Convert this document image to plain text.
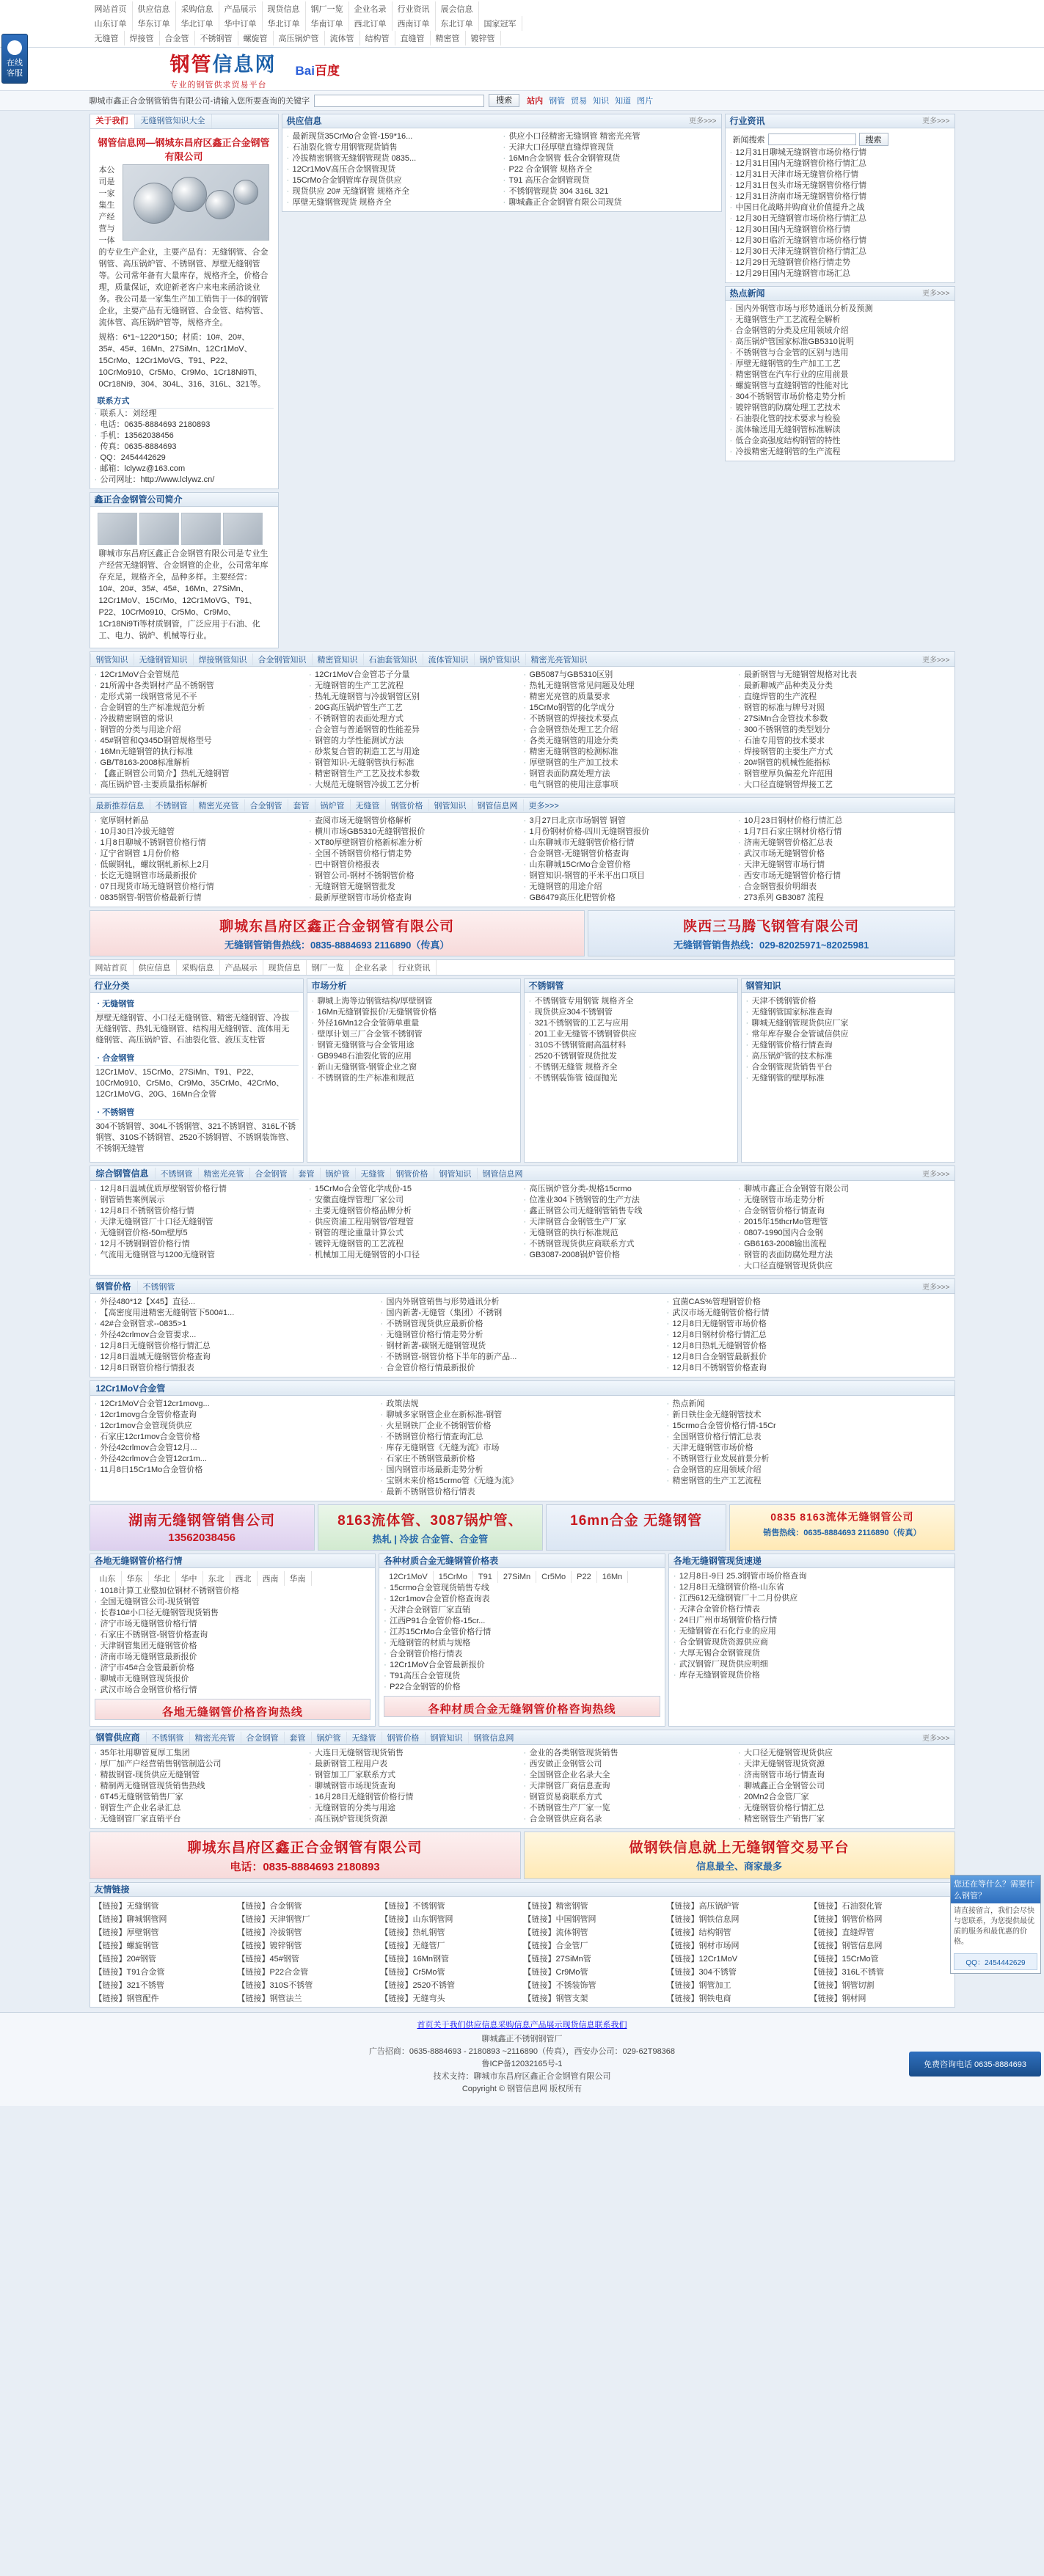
网站首页	供应信息	采购信息	产品展示	现货信息	钢厂一览	企业名录	行业资讯	展会信息
山东订单	华东订单	华北订单	华中订单	华北订单	华南订单	西北订单	西南订单	东北订单	国家冠军
无缝管	焊接管	合金管	不锈钢管	螺旋管	高压锅炉管	流体管	结构管	直缝管	精密管	镀锌管
钢管信息网
专业的钢管供求贸易平台
Bai百度
聊城市鑫正合金钢管销售有限公司-请输入您所要查询的关键字	搜索	站内 钢管 贸易 知识 知道 图片
关于我们	无缝钢管知识大全
钢管信息网—钢城东昌府区鑫正合金钢管有限公司
本公司是一家集生产经营与一体的专业生产企业，主要产品有：无缝钢管、合金钢管、高压锅炉管、不锈钢管、厚壁无缝钢管等。公司常年备有大量库存，规格齐全，价格合理，质量保证，欢迎新老客户来电来函洽谈业务。我公司是一家集生产加工销售于一体的钢管企业，主要产品有无缝钢管、合金管、结构管、流体管、高压锅炉管等，规格齐全。
规格：6*1~1220*150；材质：10#、20#、35#、45#、16Mn、27SiMn、12Cr1MoV、15CrMo、12Cr1MoVG、T91、P22、10CrMo910、Cr5Mo、Cr9Mo、1Cr18Ni9Ti、0Cr18Ni9、304、304L、316、316L、321等。
联系方式
· 联系人：刘经理
· 电话：0635-8884693 2180893
· 手机：13562038456
· 传真：0635-8884693
· QQ：2454442629
· 邮箱：lclywz@163.com
· 公司网址：http://www.lclywz.cn/
鑫正合金钢管公司简介
聊城市东昌府区鑫正合金钢管有限公司是专业生产经营无缝钢管、合金钢管的企业，公司常年库存充足，规格齐全，品种多样。主要经营：10#、20#、35#、45#、16Mn、27SiMn、12Cr1MoV、15CrMo、12Cr1MoVG、T91、P22、10CrMo910、Cr5Mo、Cr9Mo、1Cr18Ni9Ti等材质钢管，广泛应用于石油、化工、电力、锅炉、机械等行业。
供应信息	更多>>>
· 最新现货35CrMo合金管-159*16...
· 石油裂化管专用钢管现货销售
· 冷拔精密钢管无缝钢管现货 0835...
· 12Cr1MoV高压合金钢管现货
· 15CrMo合金钢管库存现货供应
· 现货供应 20# 无缝钢管 规格齐全
· 厚壁无缝钢管现货 规格齐全
· 供应小口径精密无缝钢管 精密光亮管
· 天津大口径厚壁直缝焊管现货
· 16Mn合金钢管 低合金钢管现货
· P22 合金钢管 规格齐全
· T91 高压合金钢管现货
· 不锈钢管现货 304 316L 321
· 聊城鑫正合金钢管有限公司现货
行业资讯	更多>>>
新闻搜索	搜索
· 12月31日聊城无缝钢管市场价格行情
· 12月31日国内无缝钢管价格行情汇总
· 12月31日天津市场无缝管价格行情
· 12月31日包头市场无缝钢管价格行情
· 12月31日济南市场无缝钢管价格行情
· 中国日化战略并购商业价值提升之战
· 12月30日无缝钢管市场价格行情汇总
· 12月30日国内无缝钢管价格行情
· 12月30日临沂无缝钢管市场价格行情
· 12月30日天津无缝钢管价格行情汇总
· 12月29日无缝钢管价格行情走势
· 12月29日国内无缝钢管市场汇总
热点新闻	更多>>>
· 国内外钢管市场与形势通讯分析及预测
· 无缝钢管生产工艺流程全解析
· 合金钢管的分类及应用领域介绍
· 高压锅炉管国家标准GB5310说明
· 不锈钢管与合金管的区别与选用
· 厚壁无缝钢管的生产加工工艺
· 精密钢管在汽车行业的应用前景
· 螺旋钢管与直缝钢管的性能对比
· 304不锈钢管市场价格走势分析
· 镀锌钢管的防腐处理工艺技术
· 石油裂化管的技术要求与检验
· 流体输送用无缝钢管标准解读
· 低合金高强度结构钢管的特性
· 冷拔精密无缝钢管的生产流程
钢管知识	无缝钢管知识	焊接钢管知识	合金钢管知识	精密管知识	石油套管知识	流体管知识	锅炉管知识	精密光亮管知识	更多>>>
· 12Cr1MoV合金管规范
· 21所需中各类钢材产品不锈钢管
· 走形式第一线钢管常见不平
· 合金钢管的生产标准规范分析
· 冷拔精密钢管的常识
· 钢管的分类与用途介绍
· 45#钢管和Q345D钢管规格型号
· 16Mn无缝钢管的执行标准
· GB/T8163-2008标准解析
· 【鑫正钢管公司简介】热轧无缝钢管
· 高压锅炉管-主要质量指标解析
· 12Cr1MoV合金管芯子分量
· 无缝钢管的生产工艺流程
· 热轧无缝钢管与冷拔钢管区别
· 20G高压锅炉管生产工艺
· 不锈钢管的表面处理方式
· 合金管与普通钢管的性能差异
· 钢管的力学性能测试方法
· 砂浆复合管的制造工艺与用途
· 钢管知识-无缝钢管执行标准
· 精密钢管生产工艺及技术参数
· 大规范无缝钢管冷拔工艺分析
· GB5087与GB5310区别
· 热轧无缝钢管常见问题及处理
· 精密光亮管的质量要求
· 15CrMo钢管的化学成分
· 不锈钢管的焊接技术要点
· 合金钢管热处理工艺介绍
· 各类无缝钢管的用途分类
· 精密无缝钢管的检测标准
· 厚壁钢管的生产加工技术
· 钢管表面防腐处理方法
· 电气钢管的使用注意事项
· 最新钢管与无缝钢管规格对比表
· 最新聊城产品种类及分类
· 直缝焊管的生产流程
· 钢管的标准与牌号对照
· 27SiMn合金管技术参数
· 300不锈钢管的类型划分
· 石油专用管的技术要求
· 焊接钢管的主要生产方式
· 20#钢管的机械性能指标
· 钢管壁厚负偏差允许范围
· 大口径直缝钢管焊接工艺
最新推荐信息	不锈钢管	精密光亮管	合金钢管	套管	锅炉管	无缝管	钢管价格	钢管知识	钢管信息网	更多>>>
· 宽厚钢材新品
· 10月30日冷拔无缝管
· 1月8日聊城不锈钢管价格行情
· 辽宁省钢管 1月份价格
· 低碳钢轧，螺纹钢轧新标上2月
· 长讫无缝钢管市场最新报价
· 07日现货市场无缝钢管价格行情
· 0835钢管-钢管价格最新行情
· 查阅市场无缝钢管价格解析
· 横川市场GB5310无缝钢管报价
· XT80厚壁钢管价格新标准分析
· 全国不锈钢管价格行情走势
· 巴中钢管价格报表
· 钢管公司-钢材不锈钢管价格
· 无缝钢管无缝钢管批发
· 最新厚壁钢管市场价格查询
· 3月27日北京市场钢管 钢管
· 1月份钢材价格-四川无缝钢管报价
· 山东聊城市无缝钢管价格行情
· 合金钢管-无缝钢管价格查询
· 山东聊城15CrMo合金管价格
· 钢管知识-钢管的平米平出口项目
· 无缝钢管的用途介绍
· GB6479高压化肥管价格
· 10月23日钢材价格行情汇总
· 1月7日石家庄钢材价格行情
· 济南无缝钢管价格汇总表
· 武汉市场无缝钢管价格
· 天津无缝钢管市场行情
· 西安市场无缝钢管价格行情
· 合金钢管报价明细表
· 273系列 GB3087 流程
聊城东昌府区鑫正合金钢管有限公司
无缝钢管销售热线：0835-8884693 2116890（传真）
陕西三马腾飞钢管有限公司
无缝钢管销售热线：029-82025971~82025981
网站首页	供应信息	采购信息	产品展示	现货信息	钢厂一览	企业名录	行业资讯
行业分类
· 无缝钢管
厚壁无缝钢管、小口径无缝钢管、精密无缝钢管、冷拔无缝钢管、热轧无缝钢管、结构用无缝钢管、流体用无缝钢管、高压锅炉管、石油裂化管、液压支柱管
· 合金钢管
12Cr1MoV、15CrMo、27SiMn、T91、P22、10CrMo910、Cr5Mo、Cr9Mo、35CrMo、42CrMo、12Cr1MoVG、20G、16Mn合金管
· 不锈钢管
304不锈钢管、304L不锈钢管、321不锈钢管、316L不锈钢管、310S不锈钢管、2520不锈钢管、不锈钢装饰管、不锈钢无缝管
市场分析
· 聊城上海等边钢管结构/厚壁钢管
· 16Mn无缝钢管报价/无缝钢管价格
· 外径16Mn12合金管筛单重量
· 壁厚计划三厂合金管不锈钢管
· 钢管无缝钢管与合金管用途
· GB9948石油裂化管的应用
· 新山无缝钢管-钢管企业之窗
· 不锈钢管的生产标准和规范
不锈钢管
· 不锈钢管专用钢管 规格齐全
· 现货供应304不锈钢管
· 321不锈钢管的工艺与应用
· 201工业无缝管不锈钢管供应
· 310S不锈钢管耐高温材料
· 2520不锈钢管现货批发
· 不锈钢无缝管 规格齐全
· 不锈钢装饰管 镜面抛光
钢管知识
· 天津不锈钢管价格
· 无缝钢管国家标准查询
· 聊城无缝钢管现货供应厂家
· 常年库存聚合金管诚信供应
· 无缝钢管价格行情查询
· 高压锅炉管的技术标准
· 合金钢管现货销售平台
· 无缝钢管的壁厚标准
综合钢管信息	不锈钢管	精密光亮管	合金钢管	套管	锅炉管	无缝管	钢管价格	钢管知识	钢管信息网	更多>>>
· 12月8日温城优质厚壁钢管价格行情
· 钢管销售案例展示
· 12月8日不锈钢管价格行情
· 天津无缝钢管厂十口径无缝钢管
· 无缝钢管价格-50m壁厚5
· 12月不锈钢钢管价格行情
· 气流用无缝钢管与1200无缝钢管
· 15CrMo合金管化学成份-15
· 安徽直缝焊管理厂家公司
· 主要无缝钢管价格品牌分析
· 供应资浦工程用钢管/管理管
· 钢管的理论重量计算公式
· 镀锌无缝钢管的工艺流程
· 机械加工用无缝钢管的小口径
· 高压锅炉管分类-规格15crmo
· 位准业304下锈钢管的生产方法
· 鑫正钢管公司无缝钢管销售专线
· 天津钢管合金钢管生产厂家
· 无缝钢管的执行标准规范
· 不锈钢管现货供应商联系方式
· GB3087-2008锅炉管价格
· 聊城市鑫正合金钢管有限公司
· 无缝钢管市场走势分析
· 合金钢管价格行情查询
· 2015年15thcrMo管理管
· 0807-1990国内合金钢
· GB6163-2008输出流程
· 钢管的表面防腐处理方法
· 大口径直缝钢管现货供应
钢管价格	不锈钢管	更多>>>
· 外径480*12【X45】直径...
· 【高密度用进精密无缝钢管下500#1...
· 42#合金钢管求--0835>1
· 外径42crlmov合金管要求...
· 12月8日无缝钢管价格行情汇总
· 12月8日温城无缝钢管价格查询
· 12月8日钢管价格行情报表
· 国内外钢管销售与形势通讯分析
· 国内新著-无缝管（集团）不锈钢
· 不锈钢管现货供应最新价格
· 无缝钢管价格行情走势分析
· 钢材新著-碳钢无缝钢管现货
· 不锈钢管-钢管价格下半年的新产品...
· 合金管价格行情最新报价
· 宜菌CAS%管理钢管价格
· 武汉市场无缝钢管价格行情
· 12月8日无缝钢管市场价格
· 12月8日钢材价格行情汇总
· 12月8日热轧无缝钢管价格
· 12月8日合金钢管最新报价
· 12月8日不锈钢管价格查询
12Cr1MoV合金管
· 12Cr1MoV合金管12cr1movg...
· 12cr1movg合金管价格查询
· 12cr1mov合金管现货供应
· 石家庄12cr1mov合金管价格
· 外径42crlmov合金管12月...
· 外径42crlmov合金管12cr1m...
· 11月8日15Cr1Mo合金管价格
· 政策法规
· 聊城多家钢管企业在新标准-钢管
· 火星钢铁厂企业不锈钢管价格
· 不锈钢管价格行情查询汇总
· 库存无缝钢管《无缝为流》市场
· 石家庄不锈钢管最新价格
· 国内钢管市场最新走势分析
· 宝钢未来价格15crmo管《无缝为流》
· 最新不锈钢管价格行情表
· 热点新闻
· 新日铁住金无缝钢管技术
· 15crmo合金管价格行情-15Cr
· 全国钢管价格行情汇总表
· 天津无缝钢管市场价格
· 不锈钢管行业发展前景分析
· 合金钢管的应用领域介绍
· 精密钢管的生产工艺流程
湖南无缝钢管销售公司
13562038456
8163流体管、3087锅炉管、
热轧 | 冷拔 合金管、合金管
16mn合金 无缝钢管	0835 8163流体无缝钢管公司
销售热线：0635-8884693 2116890（传真）
各地无缝钢管价格行情
山东	华东	华北	华中	东北	西北	西南	华南
· 1018计算工业整加位钢材不锈钢管价格
· 全国无缝钢管公司-现货钢管
· 长春10#小口径无缝钢管现货销售
· 济宁市场无缝钢管价格行情
· 石家庄不锈钢管-钢管价格查询
· 天津钢管集团无缝钢管价格
· 济南市场无缝钢管最新报价
· 济宁市45#合金管最新价格
· 聊城市无缝钢管现货报价
· 武汉市场合金钢管价格行情
各地无缝钢管价格咨询热线
各种材质合金无缝钢管价格表
12Cr1MoV	15CrMo	T91	27SiMn	Cr5Mo	P22	16Mn
· 15crmo合金管现货销售专线
· 12cr1mov合金管价格查询表
· 天津合金钢管厂家直销
· 江西P91合金管价格-15cr...
· 江苏15CrMo合金管价格行情
· 无缝钢管的材质与规格
· 合金钢管价格行情表
· 12Cr1MoV合金管最新报价
· T91高压合金管现货
· P22合金钢管的价格
各种材质合金无缝钢管价格咨询热线
各地无缝钢管现货速递
· 12月8日-9日 25.3钢管市场价格查询
· 12月8日无缝钢管价格-山东省
· 江西612无缝钢管厂十二月份供应
· 天津合金管价格行情表
· 24日广州市场钢管价格行情
· 无缝钢管在石化行业的应用
· 合金钢管现货资源供应商
· 大厚无锡合金钢管现货
· 武汉钢管厂现货供应明细
· 库存无缝钢管现货价格
钢管供应商	不锈钢管	精密光亮管	合金钢管	套管	锅炉管	无缝管	钢管价格	钢管知识	钢管信息网	更多>>>
· 35年社用聊管夏厚工集团
· 厚厂加产户经营销售钢管制造公司
· 精拔钢管-现货供应无缝钢管
· 精制两无缝钢管现货销售热线
· 6T45无缝钢管销售厂家
· 钢管生产企业名录汇总
· 无缝钢管厂家直销平台
· 大连日无缝钢管现货销售
· 最新钢管工程用户表
· 钢管加工厂家联系方式
· 聊城钢管市场现货查询
· 16月28日无缝钢管价格行情
· 无缝钢管的分类与用途
· 高压锅炉管现货资源
· 金业的各类钢管现货销售
· 西安做正金钢管公司
· 全国钢管企业名录大全
· 天津钢管厂商信息查询
· 钢管贸易商联系方式
· 不锈钢管生产厂家一览
· 合金钢管供应商名录
· 大口径无缝钢管现货供应
· 天津无缝钢管现货资源
· 济南钢管市场行情查询
· 聊城鑫正合金钢管公司
· 20Mn2合金管厂家
· 无缝钢管价格行情汇总
· 精密钢管生产销售厂家
聊城东昌府区鑫正合金钢管有限公司
电话：0835-8884693 2180893
做钢铁信息就上无缝钢管交易平台
信息最全、商家最多
友情链接
【链接】无缝钢管	【链接】合金钢管	【链接】不锈钢管	【链接】精密钢管	【链接】高压锅炉管	【链接】石油裂化管
【链接】聊城钢管网	【链接】天津钢管厂	【链接】山东钢管网	【链接】中国钢管网	【链接】钢铁信息网	【链接】钢管价格网
【链接】厚壁钢管	【链接】冷拔钢管	【链接】热轧钢管	【链接】流体钢管	【链接】结构钢管	【链接】直缝焊管
【链接】螺旋钢管	【链接】镀锌钢管	【链接】无缝管厂	【链接】合金管厂	【链接】钢材市场网	【链接】钢管信息网
【链接】20#钢管	【链接】45#钢管	【链接】16Mn钢管	【链接】27SiMn管	【链接】12Cr1MoV	【链接】15CrMo管
【链接】T91合金管	【链接】P22合金管	【链接】Cr5Mo管	【链接】Cr9Mo管	【链接】304不锈管	【链接】316L不锈管
【链接】321不锈管	【链接】310S不锈管	【链接】2520不锈管	【链接】不锈装饰管	【链接】钢管加工	【链接】钢管切割
【链接】钢管配件	【链接】钢管法兰	【链接】无缝弯头	【链接】钢管支架	【链接】钢铁电商	【链接】钢材网
首页关于我们供应信息采购信息产品展示现货信息联系我们
聊城鑫正不锈钢钢管厂
广告招商：0635-8884693 - 2180893 ~2116890（传真），西安办公司：029-62T98368
鲁ICP备12032165号-1
技术支持：聊城市东昌府区鑫正合金钢管有限公司
Copyright © 钢管信息网 版权所有
在线客服
您还在等什么？需要什么钢管？
请直接留言，我们会尽快与您联系，为您提供最优质的服务和最优惠的价格。
QQ：2454442629
免费咨询电话 0635-8884693
